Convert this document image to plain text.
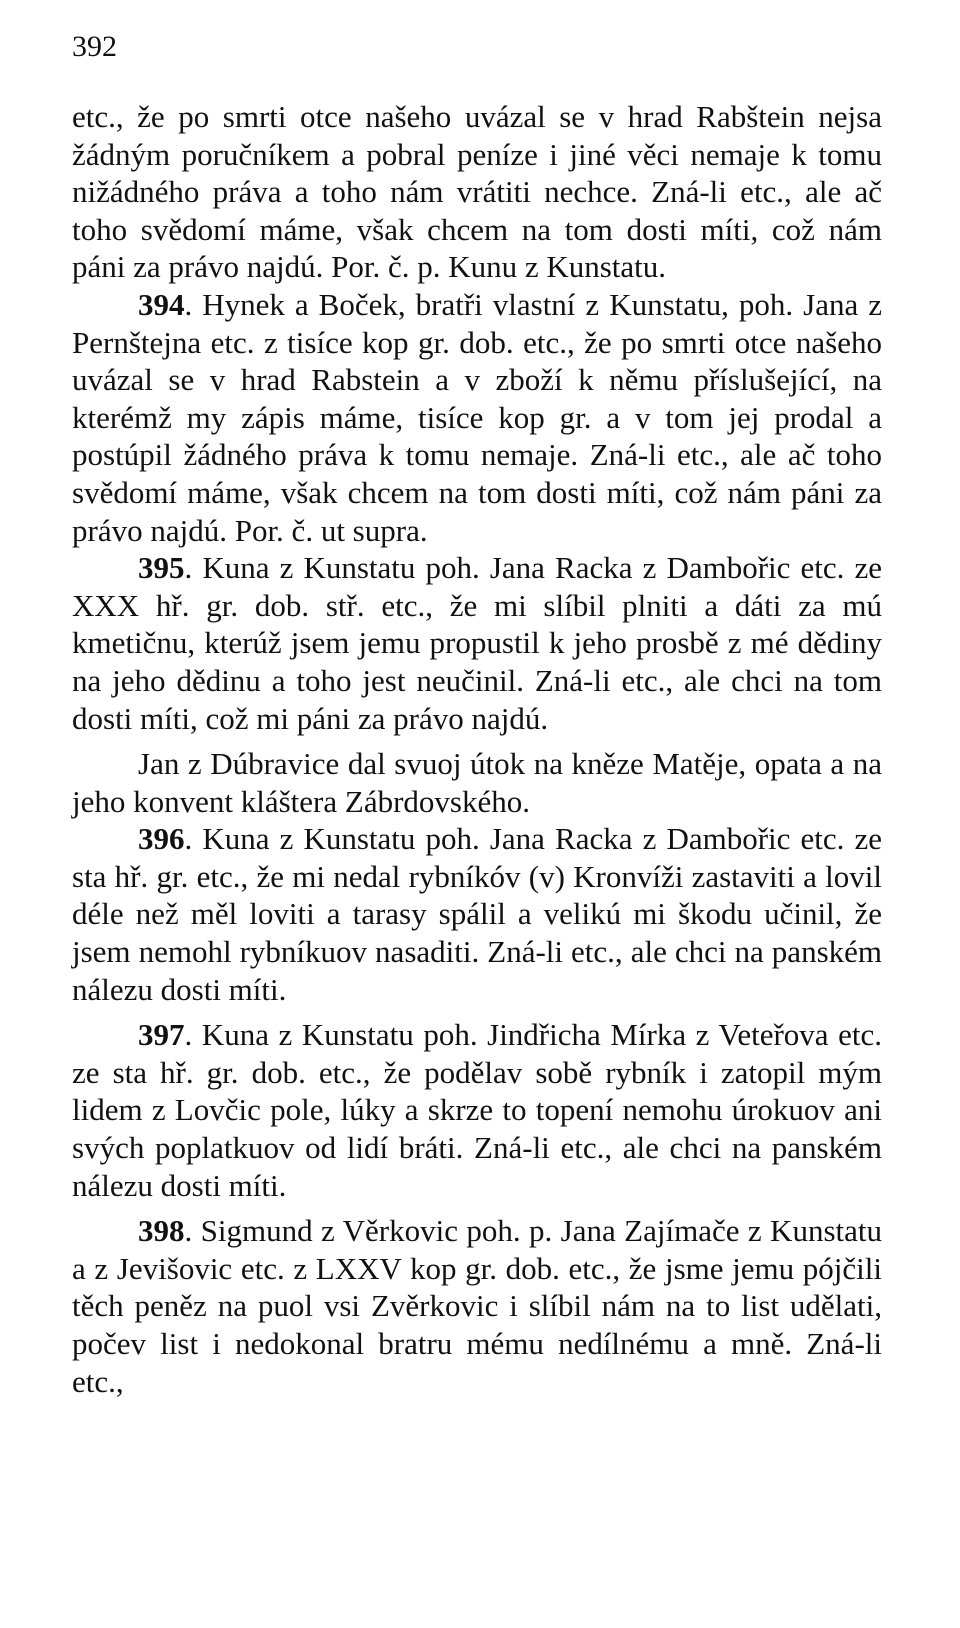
392

etc., že po smrti otce našeho uvázal se v hrad Rabštein nejsa žádným poručníkem a pobral peníze i jiné věci nemaje k tomu nižádného práva a toho nám vrátiti nechce. Zná-li etc., ale ač toho svědomí máme, však chcem na tom dosti míti, což nám páni za právo najdú. Por. č. p. Kunu z Kunstatu.

394. Hynek a Boček, bratři vlastní z Kunstatu, poh. Jana z Pernštejna etc. z tisíce kop gr. dob. etc., že po smrti otce našeho uvázal se v hrad Rabstein a v zboží k němu příslušející, na kterémž my zápis máme, tisíce kop gr. a v tom jej prodal a postúpil žádného práva k tomu nemaje. Zná-li etc., ale ač toho svědomí máme, však chcem na tom dosti míti, což nám páni za právo najdú. Por. č. ut supra.

395. Kuna z Kunstatu poh. Jana Racka z Dambořic etc. ze XXX hř. gr. dob. stř. etc., že mi slíbil plniti a dáti za mú kmetičnu, kterúž jsem jemu propustil k jeho prosbě z mé dědiny na jeho dědinu a toho jest neučinil. Zná-li etc., ale chci na tom dosti míti, což mi páni za právo najdú.

Jan z Dúbravice dal svuoj útok na kněze Matěje, opata a na jeho konvent kláštera Zábrdovského.

396. Kuna z Kunstatu poh. Jana Racka z Dambořic etc. ze sta hř. gr. etc., že mi nedal rybníkóv (v) Kronvíži zastaviti a lovil déle než měl loviti a tarasy spálil a velikú mi škodu učinil, že jsem nemohl rybníkuov nasaditi. Zná-li etc., ale chci na panském nálezu dosti míti.

397. Kuna z Kunstatu poh. Jindřicha Mírka z Veteřova etc. ze sta hř. gr. dob. etc., že podělav sobě rybník i zatopil mým lidem z Lovčic pole, lúky a skrze to topení nemohu úrokuov ani svých poplatkuov od lidí bráti. Zná-li etc., ale chci na panském nálezu dosti míti.

398. Sigmund z Věrkovic poh. p. Jana Zajímače z Kunstatu a z Jevišovic etc. z LXXV kop gr. dob. etc., že jsme jemu pójčili těch peněz na puol vsi Zvěrkovic i slíbil nám na to list udělati, počev list i nedokonal bratru mému nedílnému a mně. Zná-li etc.,
